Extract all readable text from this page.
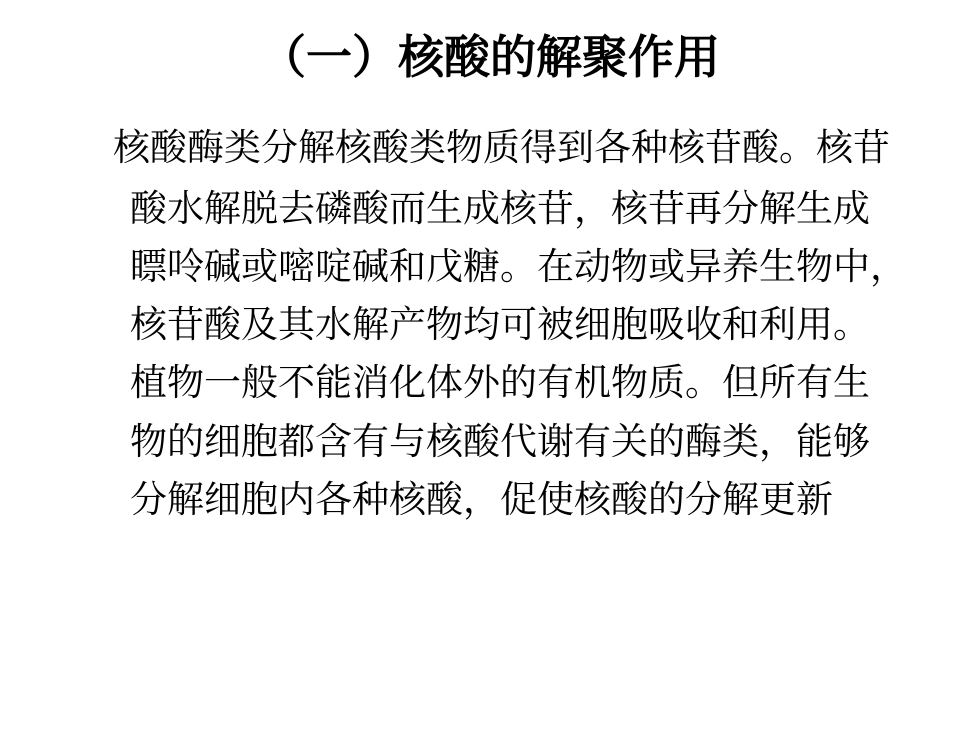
（一）核酸的解聚作用
核酸酶类分解核酸类物质得到各种核苷酸。核苷
酸水解脱去磷酸而生成核苷，核苷再分解生成
瞟呤碱或嘧啶碱和戊糖。在动物或异养生物中，
核苷酸及其水解产物均可被细胞吸收和利用。
植物一般不能消化体外的有机物质。但所有生
物的细胞都含有与核酸代谢有关的酶类，能够
分解细胞内各种核酸，促使核酸的分解更新
